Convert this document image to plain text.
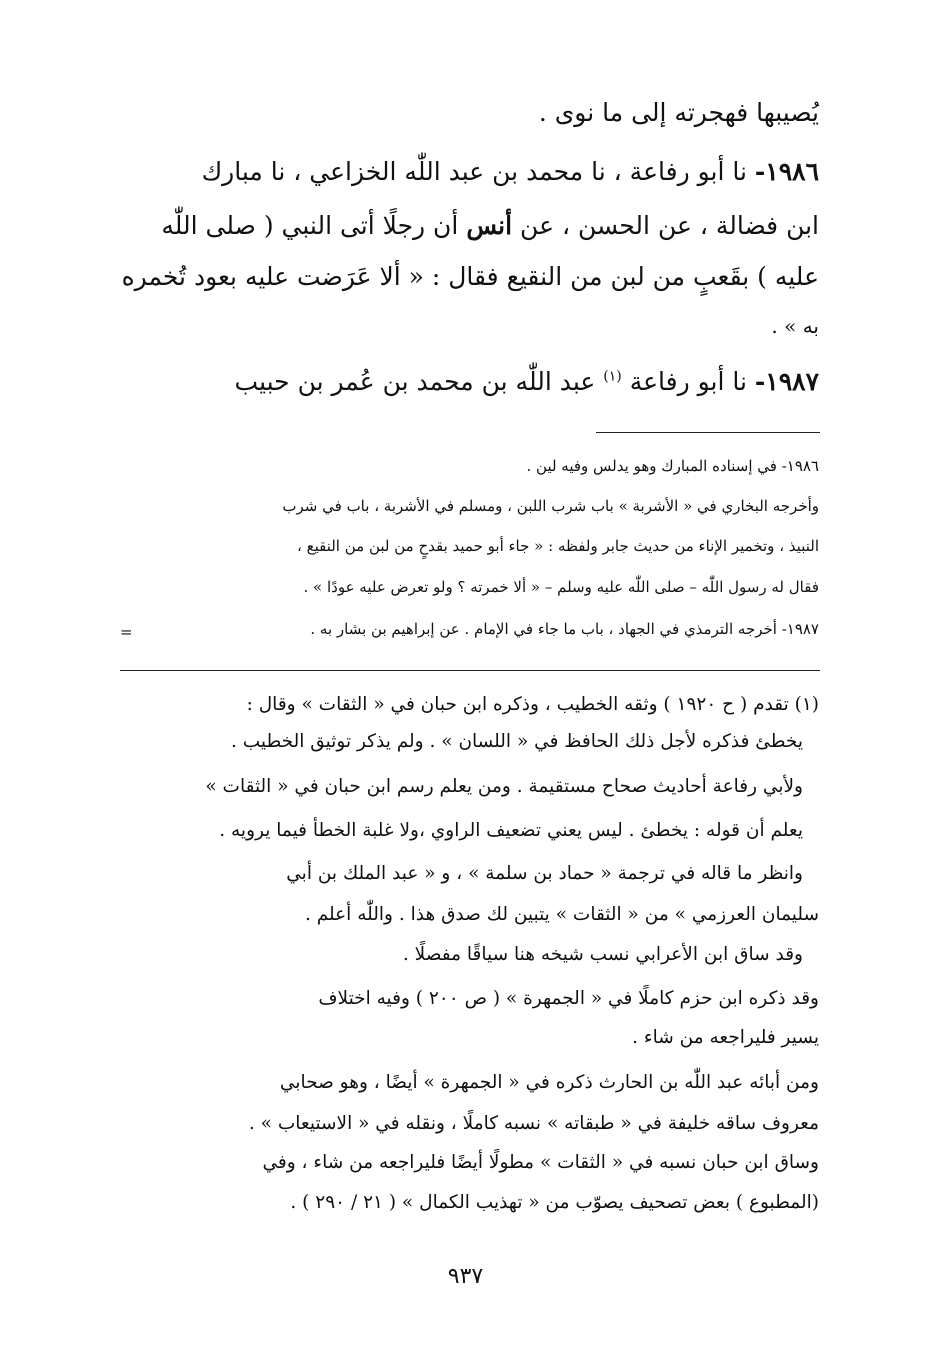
يُصيبها فهجرته إلى ما نوى .
١٩٨٦- نا أبو رفاعة ، نا محمد بن عبد اللّٰه الخزاعي ، نا مبارك
ابن فضالة ، عن الحسن ، عن أنس أن رجلًا أتى النبي ( صلى اللّٰه
عليه ) بقَعبٍ من لبن من النقيع فقال : « ألا عَرَضت عليه بعود تُخمره
به » .
١٩٨٧- نا أبو رفاعة $^{(١)}$ عبد اللّٰه بن محمد بن عُمر بن حبيب
١٩٨٦- في إسناده المبارك وهو يدلس وفيه لين .
وأخرجه البخاري في « الأشربة » باب شرب اللبن ، ومسلم في الأشربة ، باب في شرب
النبيذ ، وتخمير الإناء من حديث جابر ولفظه : « جاء أبو حميد بقدحٍ من لبن من النقيع ،
فقال له رسول اللّٰه – صلى اللّٰه عليه وسلم – « ألا خمرته ؟ ولو تعرض عليه عودًا » .
١٩٨٧- أخرجه الترمذي في الجهاد ، باب ما جاء في الإمام . عن إبراهيم بن بشار به .
=
(١) تقدم ( ح ١٩٢٠ ) وثقه الخطيب ، وذكره ابن حبان في « الثقات » وقال :
يخطئ فذكره لأجل ذلك الحافظ في « اللسان » . ولم يذكر توثيق الخطيب .
ولأبي رفاعة أحاديث صحاح مستقيمة . ومن يعلم رسم ابن حبان في « الثقات »
يعلم أن قوله : يخطئ . ليس يعني تضعيف الراوي ،ولا غلبة الخطأ فيما يرويه .
وانظر ما قاله في ترجمة « حماد بن سلمة » ، و « عبد الملك بن أبي
سليمان العرزمي » من « الثقات » يتبين لك صدق هذا . واللّٰه أعلم .
وقد ساق ابن الأعرابي نسب شيخه هنا سياقًا مفصلًا .
وقد ذكره ابن حزم كاملًا في « الجمهرة » ( ص ٢٠٠ ) وفيه اختلاف
يسير فليراجعه من شاء .
ومن أبائه عبد اللّٰه بن الحارث ذكره في « الجمهرة » أيضًا ، وهو صحابي
معروف ساقه خليفة في « طبقاته » نسبه كاملًا ، ونقله في « الاستيعاب » .
وساق ابن حبان نسبه في « الثقات » مطولًا أيضًا فليراجعه من شاء ، وفي
(المطبوع ) بعض تصحيف يصوّب من « تهذيب الكمال » ( ٢١ / ٢٩٠ ) .
٩٣٧
